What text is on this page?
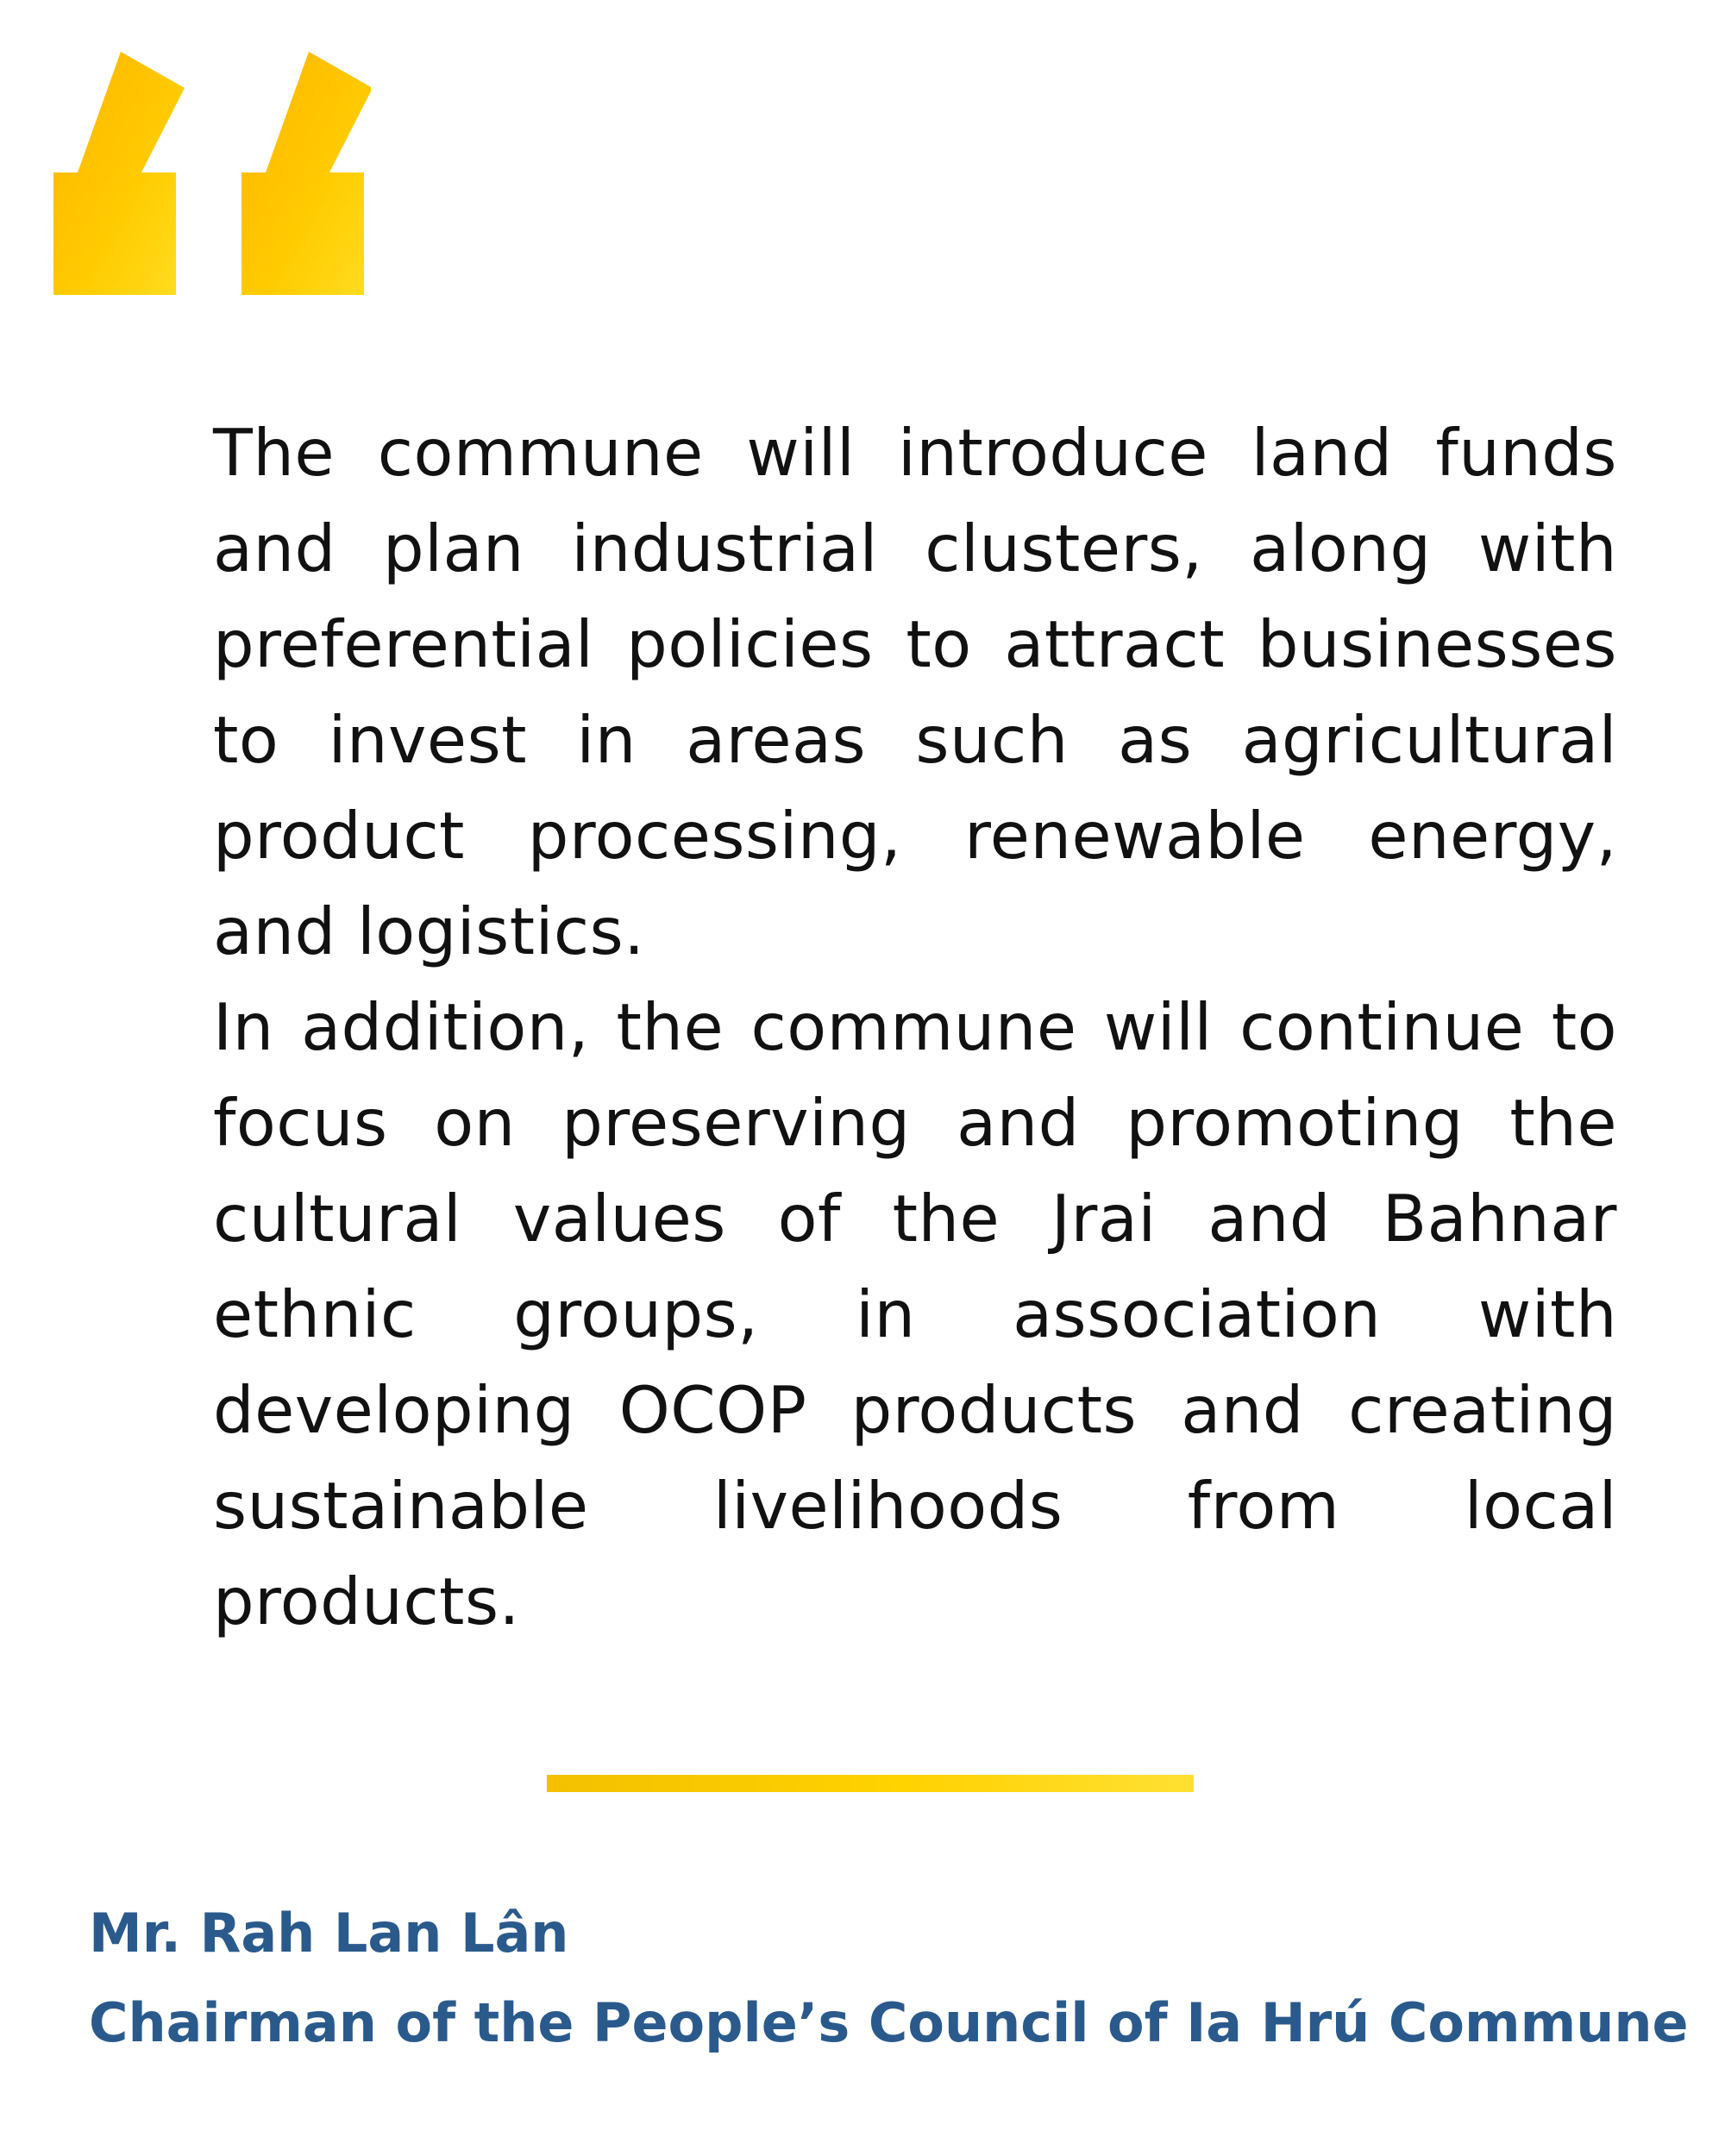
The commune will introduce land funds and plan industrial clusters, along with preferential policies to attract businesses to invest in areas such as agricultural product processing, renewable energy, and logistics.

In addition, the commune will continue to focus on preserving and promoting the cultural values of the Jrai and Bahnar ethnic groups, in association with developing OCOP products and creating sustainable livelihoods from local products.

Mr. Rah Lan Lân
Chairman of the People’s Council of Ia Hrú Commune
